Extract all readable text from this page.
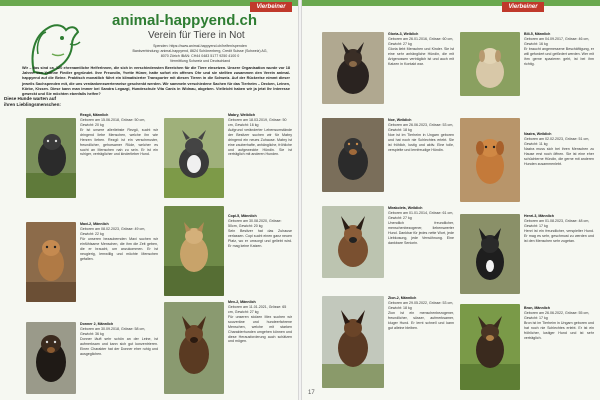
Vierbeiner
animal-happyend.ch
Verein für Tiere in Not
Spenden: https://www.animal-happyend.ch/helfen/spenden
Bankverbindung: animal-happyend, 8624 Schönenberg, Credit Suisse (Schweiz) AG,
8070 Zürich IBAN: CH44 0483 5177 9250 4100 0
Vermittlung Schweiz und Deutschland
Wir – das sind ca. 120 ehrenamtliche HelferInnen, die sich in verschiedensten Bereichen für die Tiere einsetzen. Unsere Organisation wurde vor 18 Jahren von Yvonne Fiedler gegründet. Ihre Freundin, Yvette Hüner, hatte sofort ein offenes Ohr und sie stellten zusammen den Verein animal-happyend auf die Beine. Praktisch monatlich führt ein klimatisierter Transporter mit diesen Tieren in die Schweiz. Auf der Rückreise nimmt dieser jeweils Sachspenden mit, die uns verdankenswerterweise geschenkt werden. Wir sammeln verschiedene Sachen für das Tierheim – Decken, Leinen, Körbe, Kissen. Diese kann man immer bei Sandra Legazgi, Hundeschule Vita Canis in Widnau, abgeben. Vielleicht haben wir ja jetzt Ihr Interesse geweckt und Sie möchten ebenfalls helfen?
Diese Hunde warten auf ihren Lieblingsmenschen:
Rezgö, Männlich
Geboren am 15.06.2018, Grösse: 50 cm, Gewicht: 20 kg
Er ist unsere allerliebste Rezgö, sucht wir dringend liebe Menschen, welche ihn wie Herzen lieben. Rezgö ist ein verschmuster, freundlicher, gehorsamer Rüde, welcher es sucht an Menschen nah zu sein. Er ist ein ruhiger, verträglicher und kinderlieber Hund.
Maxi-2, Männlich
Geboren am 08.02.2023, Grösse: 49 cm, Gewicht: 22 kg
Für unseren bezaubernden Maxi suchen wir einfühlsame Menschen, die ihm die Zeit geben, die er braucht, um anzukommen. Er ist neugierig, lernwillig und möchte Menschen gefallen.
Donner 2, Männlich
Geboren am 30.09.2018, Grösse: 58 cm, Gewicht: 36 kg
Donner läuft sehr schön an der Leine, ist aufmerksam und kann sich gut konzentrieren. Einen Charakter hat der Donner eher ruhig und ausgeglichen.
Mabry, Weiblich
Geboren am 18.03.2019, Grösse: 50 cm, Gewicht: 16 kg
Aufgrund veränderter Lebensumstände der Besitzer suchen wir für Mabry dringend ein neues Zuhause. Mabry ist eine zauberhafte, anhängliche, fröhliche und aufgeweckte Hündin. Sie ist verträglich mit anderen Hunden.
Copi-5, Männlich
Geboren am 30.08.2020, Grösse: 50cm, Gewicht: 20 kg
Sein Besitzer hat das Zuhause verlassen. Copi sucht einen ganz neuen Platz, wo er umsorgt und geliebt wird. Er mag keine Katzen.
Mex-2, Männlich
Geboren am 11.01.2021, Grösse: 65 cm, Gewicht: 27 kg
Für unseren stolzen Mex suchen wir souveräne und hundeerfahrene Menschen, welche mit starken Charakterhunden umgehen können und diese Herausforderung auch schätzen und mögen.
Vierbeiner
Gloria-3, Weiblich
Geboren am 26.01.2016, Grösse: 60 cm, Gewicht: 27 kg
Gloria liebt Menschen und Kinder. Sie ist eine sehr anhängliche Hündin, die mit Artgenossen verträglich ist und auch mit Katzen in Kontakt war.
Noe, Weiblich
Geboren am 26.06.2023, Grösse: 53 cm, Gewicht: 18 kg
Noe ist im Tierheim in Ungarn geboren und hat noch nie Schlechtes erlebt. Sie ist fröhlich, lustig und aktiv. Eine tolle, verspielte und lernfreudige Hündin.
Mirakolets, Weiblich
Geboren am 01.01.2014, Grösse: 61 cm, Gewicht: 27 kg
Unendlich freundlicher, menschenbezogener, liebenswerter Hund. Dankbar für jedes nette Wort, jede Liebkosung, jede Verwöhnung. Eine dankbare Seniorin.
Zion-2, Männlich
Geboren am 29.05.2022, Grösse: 53 cm, Gewicht: 18 kg
Zion ist ein menschenbezogener, freundlicher, süsser, aufmerksamer, kluger Hund. Er lernt schnell und kann gut alleine bleiben.
Bili-5, Männlich
Geboren am 04.09.2017, Grösse: 46 cm, Gewicht: 16 kg
Er braucht angemessene Beschäftigung, er will gefordert und gefördert werden. Wer mit ihm gerne spazieren geht, ist bei ihm richtig.
Nazira, Weiblich
Geboren am 02.02.2023, Grösse: 51 cm, Gewicht: 11 kg
Nazira muss sich bei ihren Menschen zu Hause erst noch öffnen. Sie ist eine eher schüchterne Hündin, die gerne mit anderen Hunden zusammenlebt.
Henri-3, Männlich
Geboren am 01.08.2023, Grösse: 48 cm, Gewicht: 17 kg
Henri ist ein freundlicher, verspielter Hund. Er mag es sehr, geschmust zu werden und ist den Menschen sehr zugetan.
Bron, Männlich
Geboren am 26.06.2022, Grösse: 55 cm, Gewicht: 17 kg
Bron ist im Tierheim in Ungarn geboren und hat noch nie Schlechtes erlebt. Er ist ein fröhlicher, lustiger Hund und ist sehr verträglich.
17
